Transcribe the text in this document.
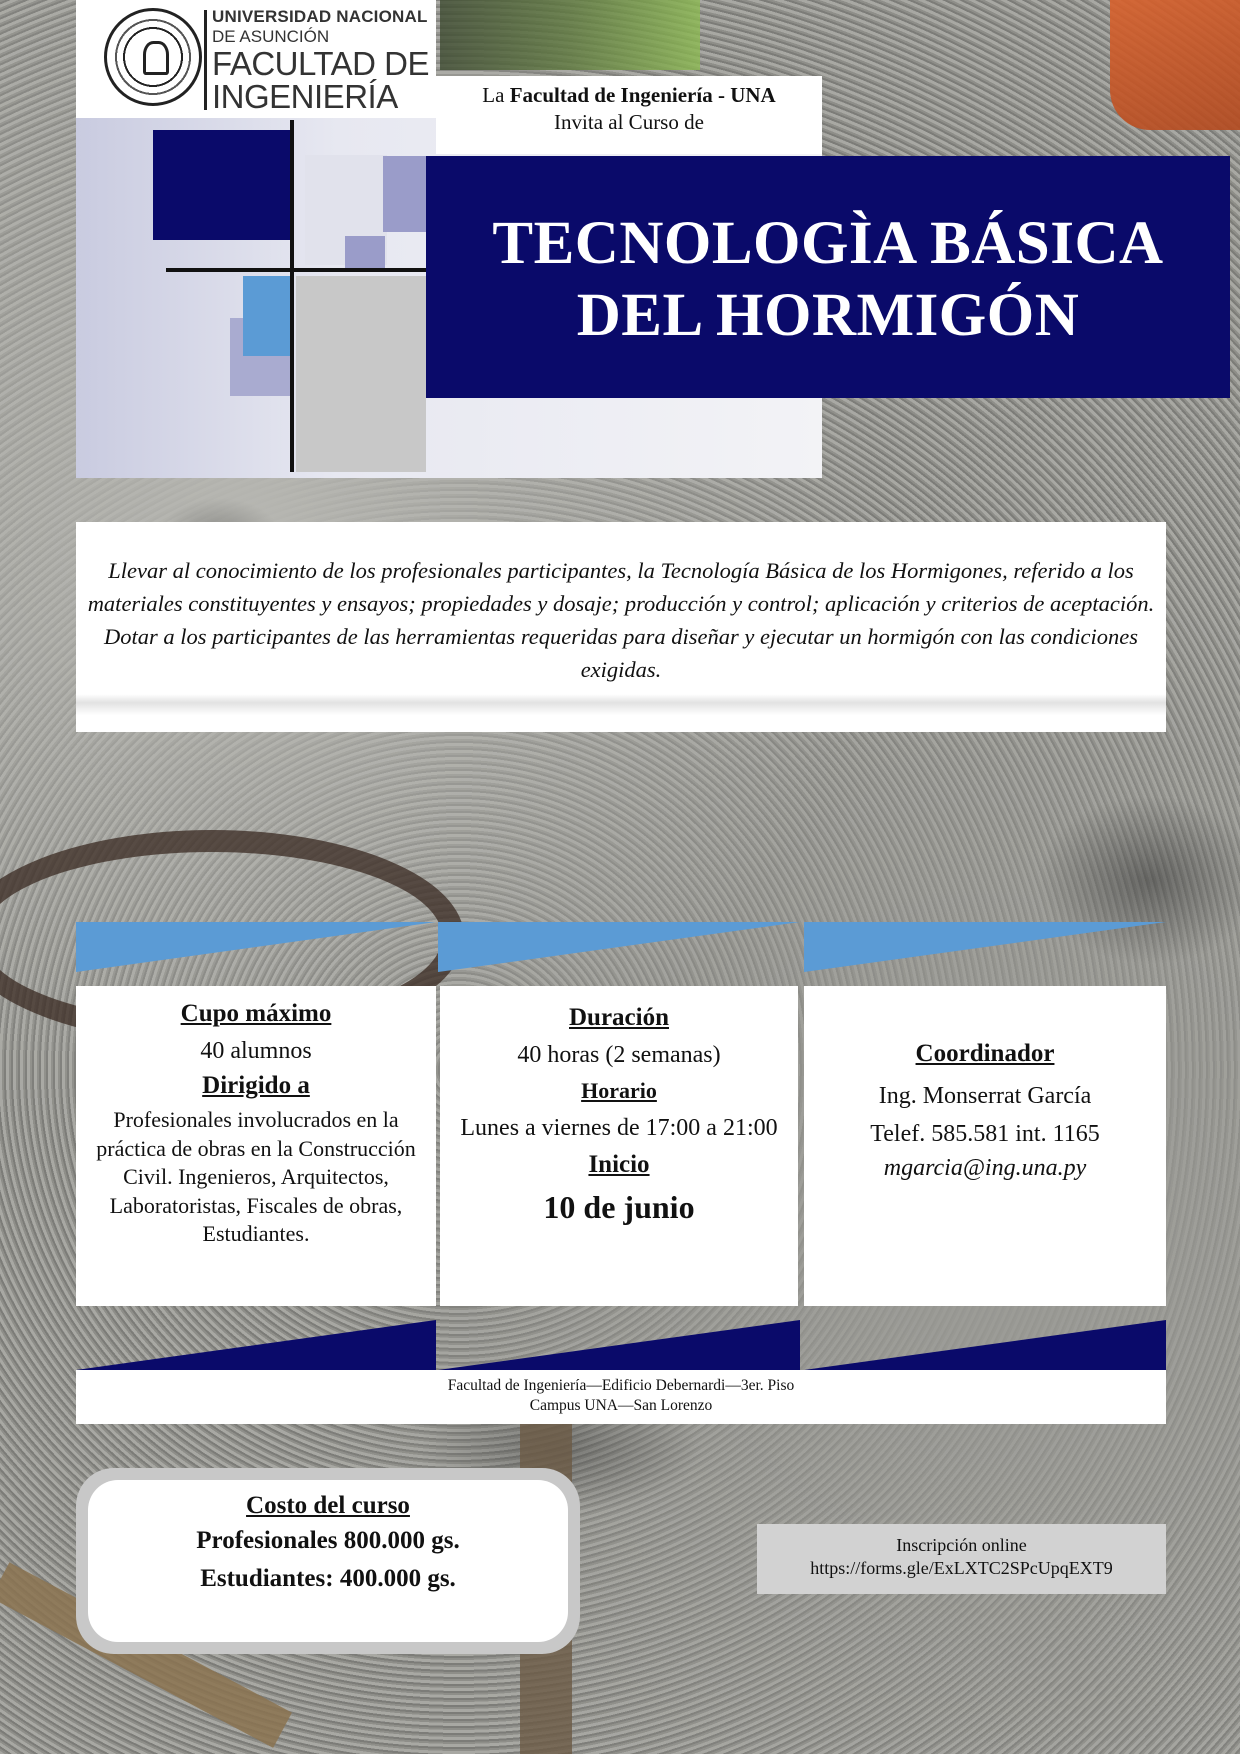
UNIVERSIDAD NACIONAL
DE ASUNCIÓN
FACULTAD DE
INGENIERÍA	La Facultad de Ingeniería - UNA
Invita al Curso de
TECNOLOGÌA BÁSICA
DEL HORMIGÓN
Llevar al conocimiento de los profesionales participantes, la Tecnología Básica de los Hormigones, referido a los materiales constituyentes y ensayos; propiedades y dosaje; producción y control; aplicación y criterios de aceptación. Dotar a los participantes de las herramientas requeridas para diseñar y ejecutar un hormigón con las condiciones exigidas.
Cupo máximo
40 alumnos
Dirigido a
Profesionales involucrados en la práctica de obras en la Construcción Civil. Ingenieros, Arquitectos, Laboratoristas, Fiscales de obras, Estudiantes.
Duración
40 horas (2 semanas)
Horario
Lunes a viernes de 17:00 a 21:00
Inicio
10 de junio
Coordinador
Ing. Monserrat García
Telef. 585.581 int. 1165
mgarcia@ing.una.py
Facultad de Ingeniería—Edificio Debernardi—3er. Piso
Campus UNA—San Lorenzo
Costo del curso
Profesionales 800.000 gs.
Estudiantes: 400.000 gs.
Inscripción online
https://forms.gle/ExLXTC2SPcUpqEXT9
